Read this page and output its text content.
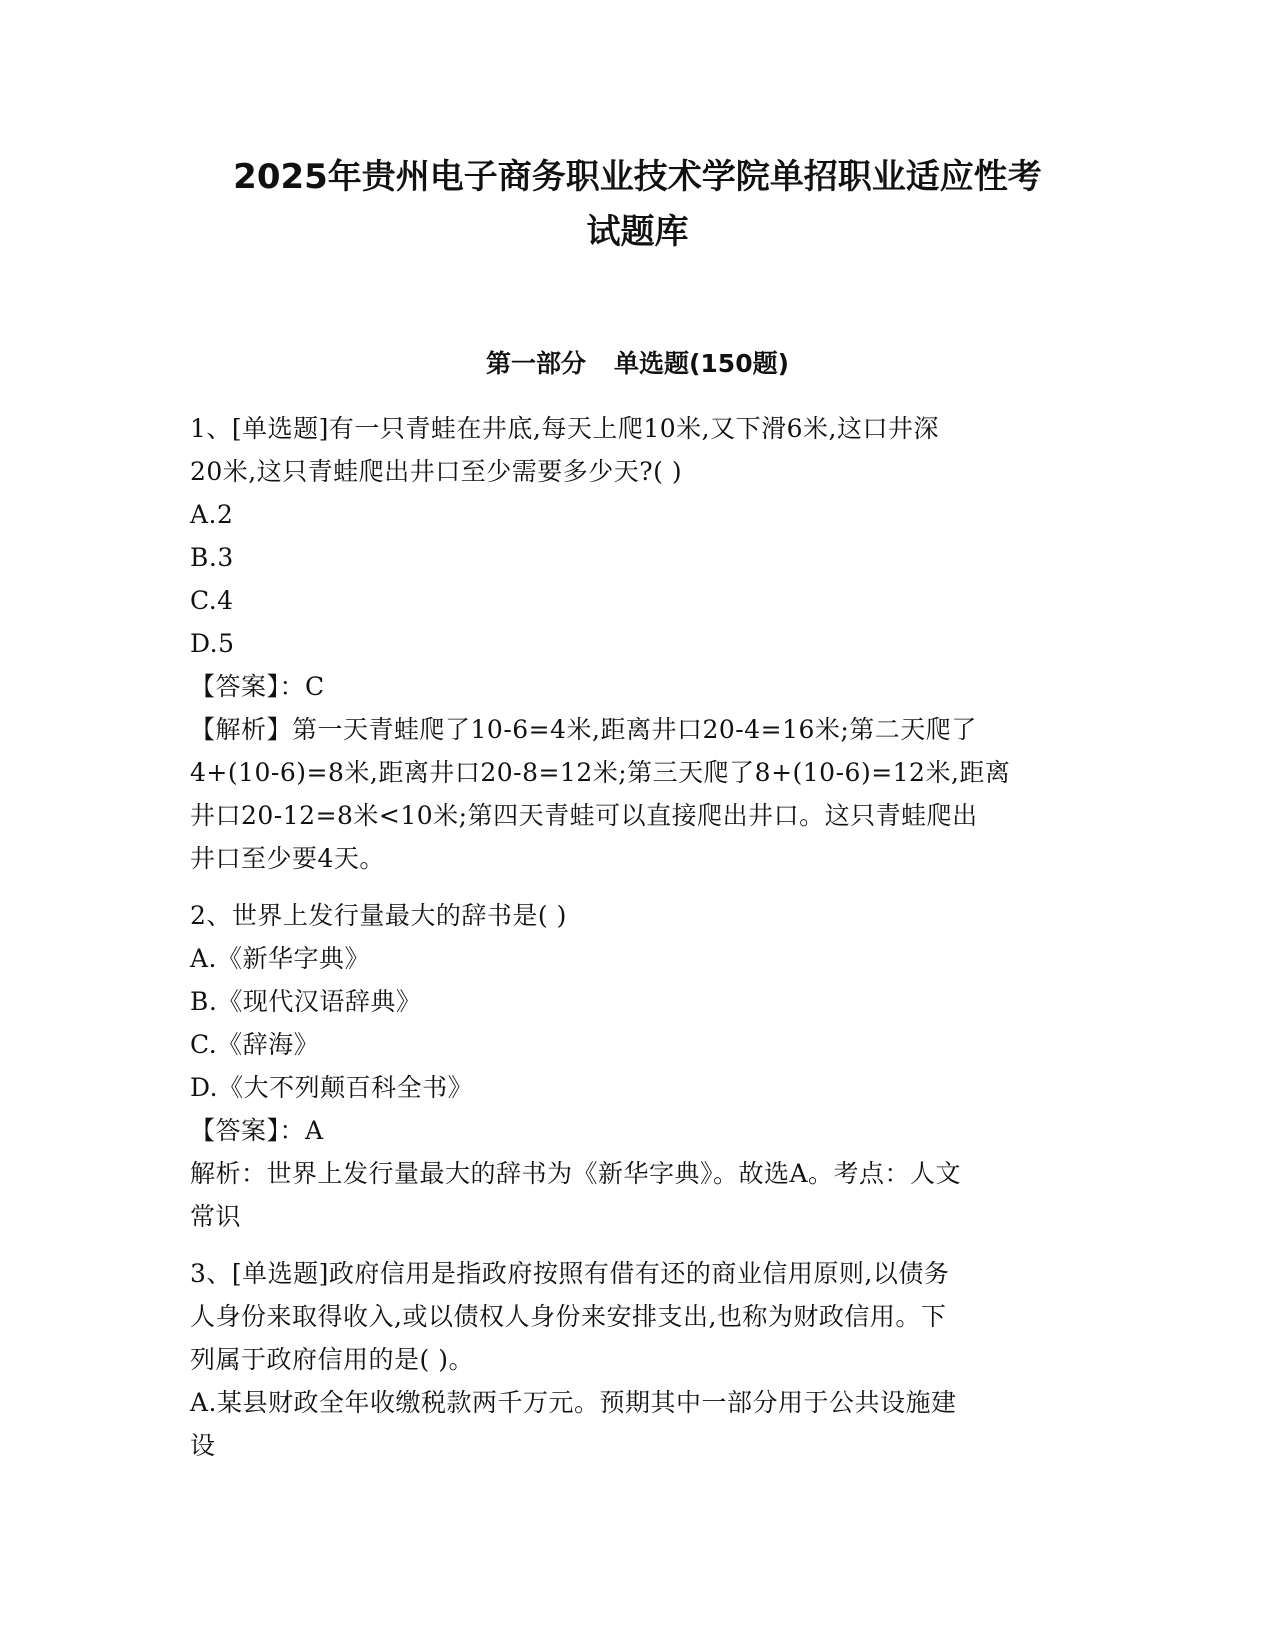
2025年贵州电子商务职业技术学院单招职业适应性考
试题库
第一部分 单选题(150题)
1、[单选题]有一只青蛙在井底,每天上爬10米,又下滑6米,这口井深
20米,这只青蛙爬出井口至少需要多少天?( )
A.2
B.3
C.4
D.5
【答案】：C
【解析】第一天青蛙爬了10-6=4米,距离井口20-4=16米;第二天爬了
4+(10-6)=8米,距离井口20-8=12米;第三天爬了8+(10-6)=12米,距离
井口20-12=8米<10米;第四天青蛙可以直接爬出井口。这只青蛙爬出
井口至少要4天。
2、世界上发行量最大的辞书是( )
A.《新华字典》
B.《现代汉语辞典》
C.《辞海》
D.《大不列颠百科全书》
【答案】：A
解析：世界上发行量最大的辞书为《新华字典》。故选A。考点：人文
常识
3、[单选题]政府信用是指政府按照有借有还的商业信用原则,以债务
人身份来取得收入,或以债权人身份来安排支出,也称为财政信用。下
列属于政府信用的是( )。
A.某县财政全年收缴税款两千万元。预期其中一部分用于公共设施建
设
